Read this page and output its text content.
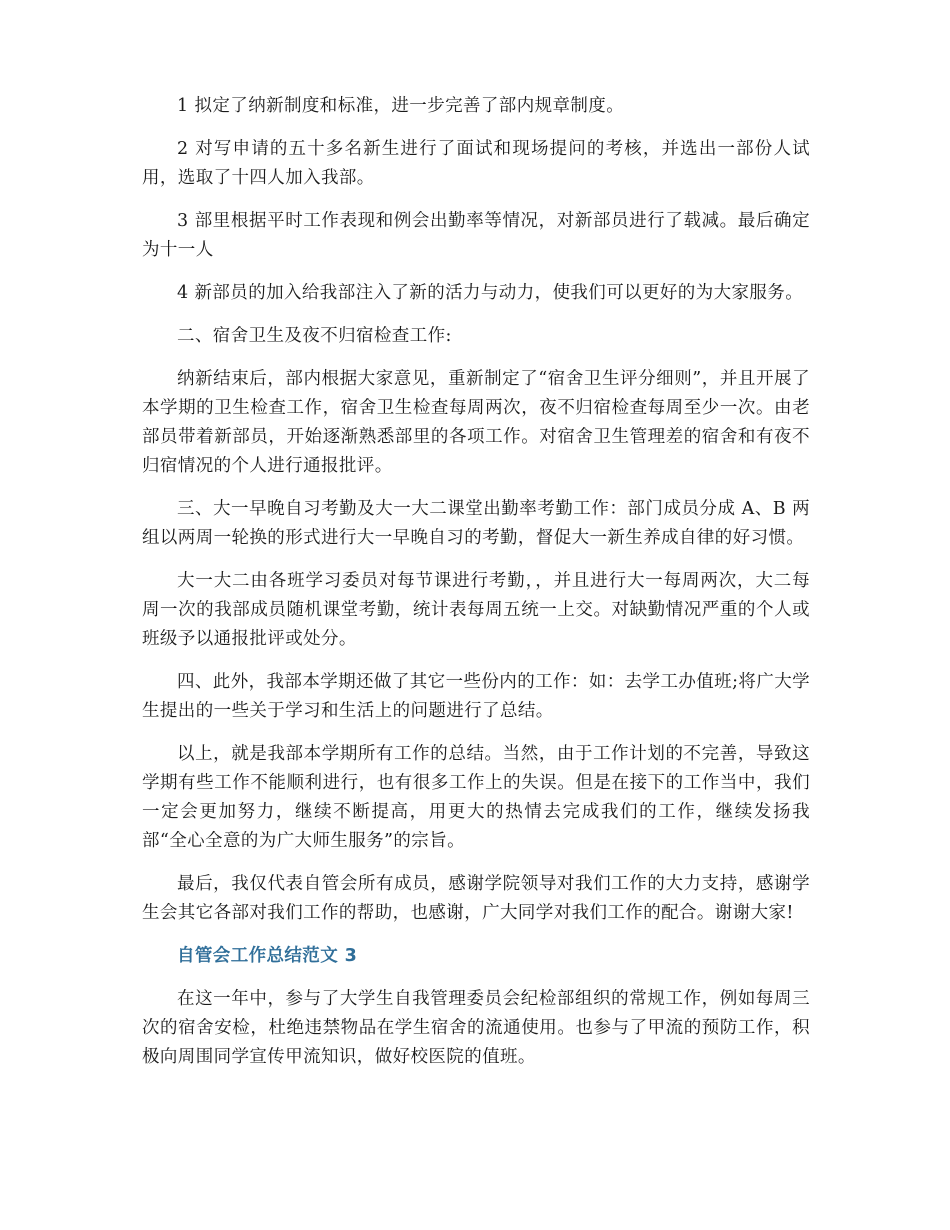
1 拟定了纳新制度和标准，进一步完善了部内规章制度。

2 对写申请的五十多名新生进行了面试和现场提问的考核，并选出一部份人试用，选取了十四人加入我部。

3 部里根据平时工作表现和例会出勤率等情况，对新部员进行了载减。最后确定为十一人

4 新部员的加入给我部注入了新的活力与动力，使我们可以更好的为大家服务。

二、宿舍卫生及夜不归宿检查工作:

纳新结束后，部内根据大家意见，重新制定了“宿舍卫生评分细则”，并且开展了本学期的卫生检查工作，宿舍卫生检查每周两次，夜不归宿检查每周至少一次。由老部员带着新部员，开始逐渐熟悉部里的各项工作。对宿舍卫生管理差的宿舍和有夜不归宿情况的个人进行通报批评。

三、大一早晚自习考勤及大一大二课堂出勤率考勤工作：部门成员分成 A、B 两组以两周一轮换的形式进行大一早晚自习的考勤，督促大一新生养成自律的好习惯。

大一大二由各班学习委员对每节课进行考勤，，并且进行大一每周两次，大二每周一次的我部成员随机课堂考勤，统计表每周五统一上交。对缺勤情况严重的个人或班级予以通报批评或处分。

四、此外，我部本学期还做了其它一些份内的工作：如：去学工办值班;将广大学生提出的一些关于学习和生活上的问题进行了总结。

以上，就是我部本学期所有工作的总结。当然，由于工作计划的不完善，导致这学期有些工作不能顺利进行，也有很多工作上的失误。但是在接下的工作当中，我们一定会更加努力，继续不断提高，用更大的热情去完成我们的工作，继续发扬我部“全心全意的为广大师生服务”的宗旨。

最后，我仅代表自管会所有成员，感谢学院领导对我们工作的大力支持，感谢学生会其它各部对我们工作的帮助，也感谢，广大同学对我们工作的配合。谢谢大家!

自管会工作总结范文 3

在这一年中，参与了大学生自我管理委员会纪检部组织的常规工作，例如每周三次的宿舍安检，杜绝违禁物品在学生宿舍的流通使用。也参与了甲流的预防工作，积极向周围同学宣传甲流知识，做好校医院的值班。
